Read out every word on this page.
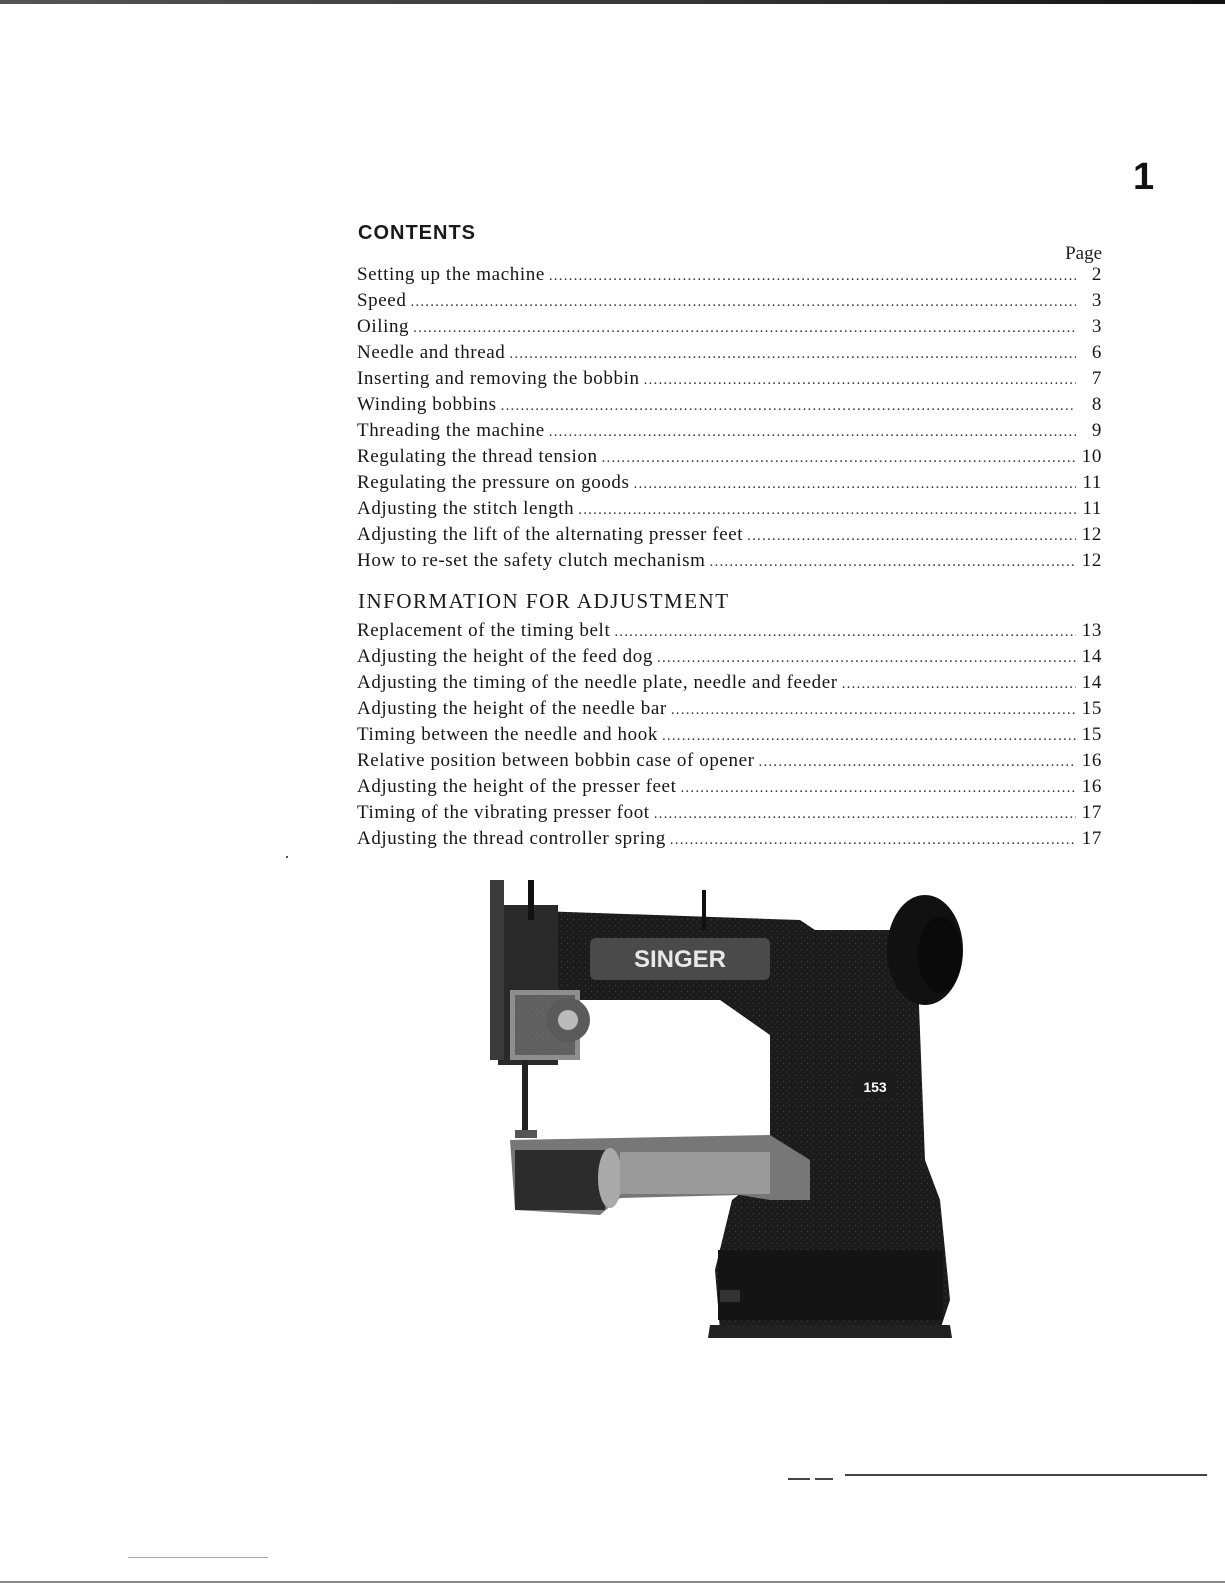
1
CONTENTS
Page
Setting up the machine .....	2
Speed .....	3
Oiling .....	3
Needle and thread .....	6
Inserting and removing the bobbin .....	7
Winding bobbins .....	8
Threading the machine .....	9
Regulating the thread tension .....	10
Regulating the pressure on goods .....	11
Adjusting the stitch length .....	11
Adjusting the lift of the alternating presser feet .....	12
How to re-set the safety clutch mechanism .....	12
INFORMATION FOR ADJUSTMENT
Replacement of the timing belt .....	13
Adjusting the height of the feed dog .....	14
Adjusting the timing of the needle plate, needle and feeder .....	14
Adjusting the height of the needle bar .....	15
Timing between the needle and hook .....	15
Relative position between bobbin case of opener .....	16
Adjusting the height of the presser feet .....	16
Timing of the vibrating presser foot .....	17
Adjusting the thread controller spring .....	17
SINGER
153
